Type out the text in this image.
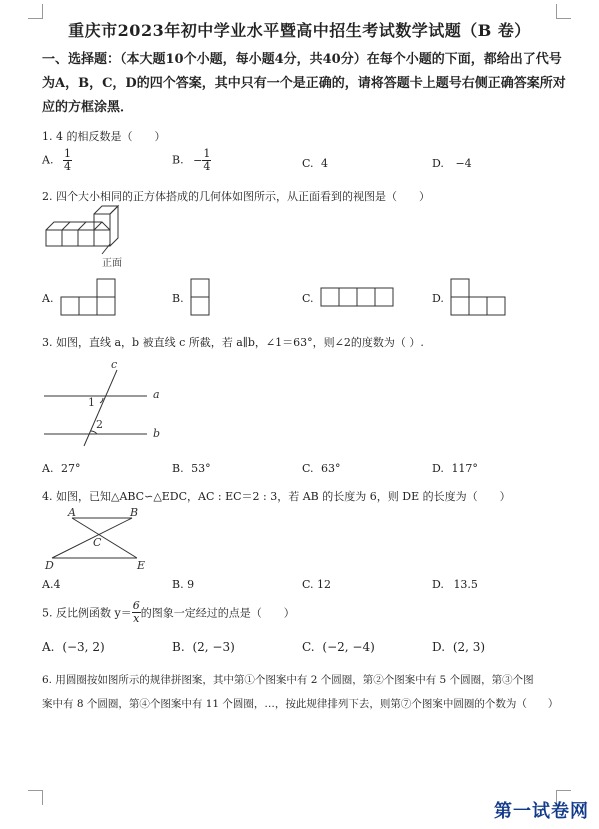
重庆市2023年初中学业水平暨高中招生考试数学试题（B 卷）
一、选择题：（本大题10个小题，每小题4分，共40分）在每个小题的下面，都给出了代号为A，B，C，D的四个答案，其中只有一个是正确的，请将答题卡上题号右侧正确答案所对应的方框涂黑．
1. 4 的相反数是（　　）
A. $\frac{1}{4}$	B. − $\frac{1}{4}$	C. 4	D. −4
2. 四个大小相同的正方体搭成的几何体如图所示，从正面看到的视图是（　　）
正面
A.	B.	C.	D.
3. 如图，直线 a，b 被直线 c 所截，若 a∥b，∠1＝63°，则∠2的度数为（ ）.
c
a
b
1
2
A. 27°	B. 53°	C. 63°	D. 117°
4. 如图，已知△ABC∽△EDC，AC : EC＝2 : 3，若 AB 的长度为 6，则 DE 的长度为（　　）
A	B
C
D	E
A.4	B. 9	C. 12	D. 13.5
5. 反比例函数 $y= \frac{6}{x}$ 的图象一定经过的点是（　　）
A. (−3, 2)	B. (2, −3)	C. (−2, −4)	D. (2, 3)
6. 用圆圈按如图所示的规律拼图案，其中第①个图案中有 2 个圆圈，第②个图案中有 5 个圆圈，第③个图
案中有 8 个圆圈，第④个图案中有 11 个圆圈，…，按此规律排列下去，则第⑦个图案中圆圈的个数为（　　）
第一试卷网
